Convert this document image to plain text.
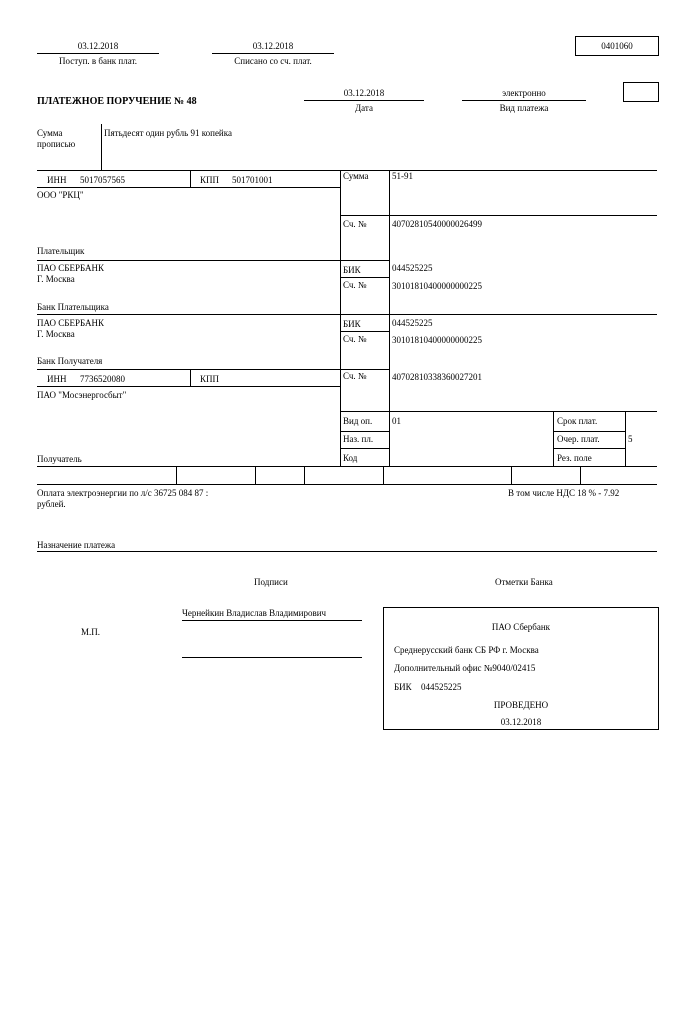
03.12.2018
Поступ. в банк плат.
03.12.2018
Списано со сч. плат.
0401060
ПЛАТЕЖНОЕ ПОРУЧЕНИЕ № 48
03.12.2018
Дата
электронно
Вид платежа
Сумма
прописью
Пятьдесят один рубль 91 копейка
ИНН 5017057565	КПП 501701001
ООО "РКЦ"
Плательщик
Сумма	51-91
Сч. №	40702810540000026499
ПАО СБЕРБАНК
Г. Москва
Банк Плательщика
БИК	044525225
Сч. №	30101810400000000225
ПАО СБЕРБАНК
Г. Москва
Банк Получателя
БИК	044525225
Сч. №	30101810400000000225
ИНН 7736520080	КПП	Сч. №	40702810338360027201
ПАО "Мосэнергосбыт"
Получатель
Вид оп. 01
Наз. пл.
Код
Срок плат.
Очер. плат.	5
Рез. поле
Оплата электроэнергии по л/с 36725 084 87 :
рублей.
В том числе НДС 18 % - 7.92
Назначение платежа
Подписи	Отметки Банка
Чернейкин Владислав Владимирович
М.П.	ПАО Сбербанк
Среднерусский банк СБ РФ г. Москва
Дополнительный офис №9040/02415
БИК 044525225
ПРОВЕДЕНО
03.12.2018
